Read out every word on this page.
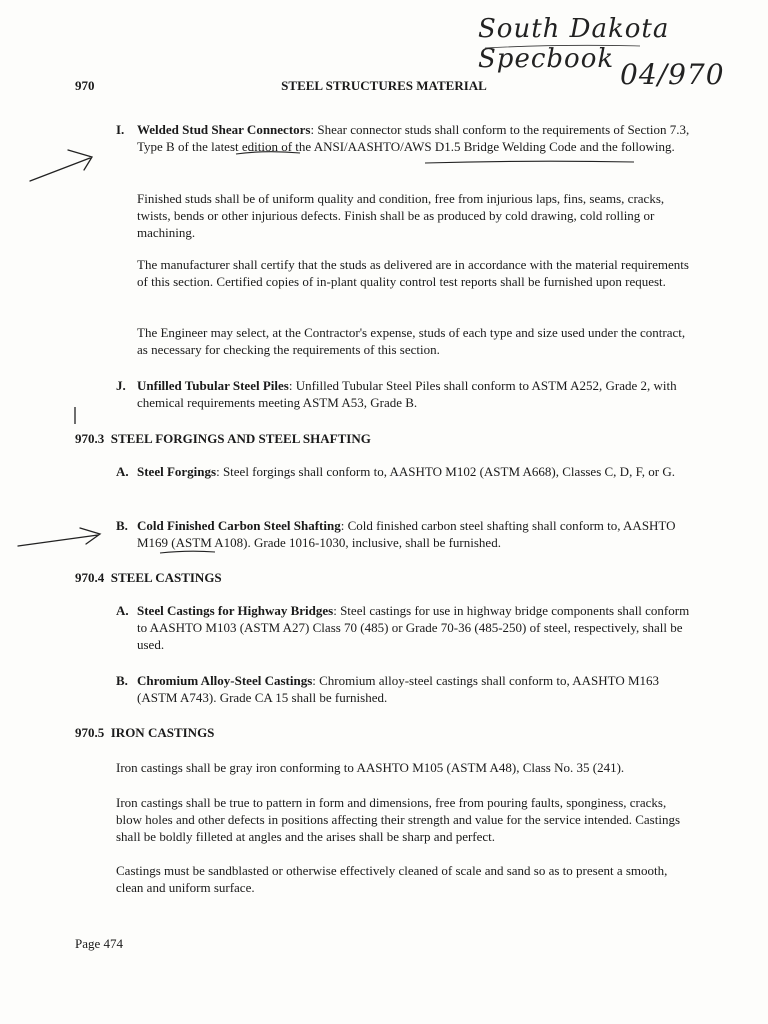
South Dakota Specbook 04/970
970	STEEL STRUCTURES MATERIAL
I. Welded Stud Shear Connectors: Shear connector studs shall conform to the requirements of Section 7.3, Type B of the latest edition of the ANSI/AASHTO/AWS D1.5 Bridge Welding Code and the following.
Finished studs shall be of uniform quality and condition, free from injurious laps, fins, seams, cracks, twists, bends or other injurious defects. Finish shall be as produced by cold drawing, cold rolling or machining.
The manufacturer shall certify that the studs as delivered are in accordance with the material requirements of this section. Certified copies of in-plant quality control test reports shall be furnished upon request.
The Engineer may select, at the Contractor's expense, studs of each type and size used under the contract, as necessary for checking the requirements of this section.
J. Unfilled Tubular Steel Piles: Unfilled Tubular Steel Piles shall conform to ASTM A252, Grade 2, with chemical requirements meeting ASTM A53, Grade B.
970.3 STEEL FORGINGS AND STEEL SHAFTING
A. Steel Forgings: Steel forgings shall conform to, AASHTO M102 (ASTM A668), Classes C, D, F, or G.
B. Cold Finished Carbon Steel Shafting: Cold finished carbon steel shafting shall conform to, AASHTO M169 (ASTM A108). Grade 1016-1030, inclusive, shall be furnished.
970.4 STEEL CASTINGS
A. Steel Castings for Highway Bridges: Steel castings for use in highway bridge components shall conform to AASHTO M103 (ASTM A27) Class 70 (485) or Grade 70-36 (485-250) of steel, respectively, shall be used.
B. Chromium Alloy-Steel Castings: Chromium alloy-steel castings shall conform to, AASHTO M163 (ASTM A743). Grade CA 15 shall be furnished.
970.5 IRON CASTINGS
Iron castings shall be gray iron conforming to AASHTO M105 (ASTM A48), Class No. 35 (241).
Iron castings shall be true to pattern in form and dimensions, free from pouring faults, sponginess, cracks, blow holes and other defects in positions affecting their strength and value for the service intended. Castings shall be boldly filleted at angles and the arises shall be sharp and perfect.
Castings must be sandblasted or otherwise effectively cleaned of scale and sand so as to present a smooth, clean and uniform surface.
Page 474
